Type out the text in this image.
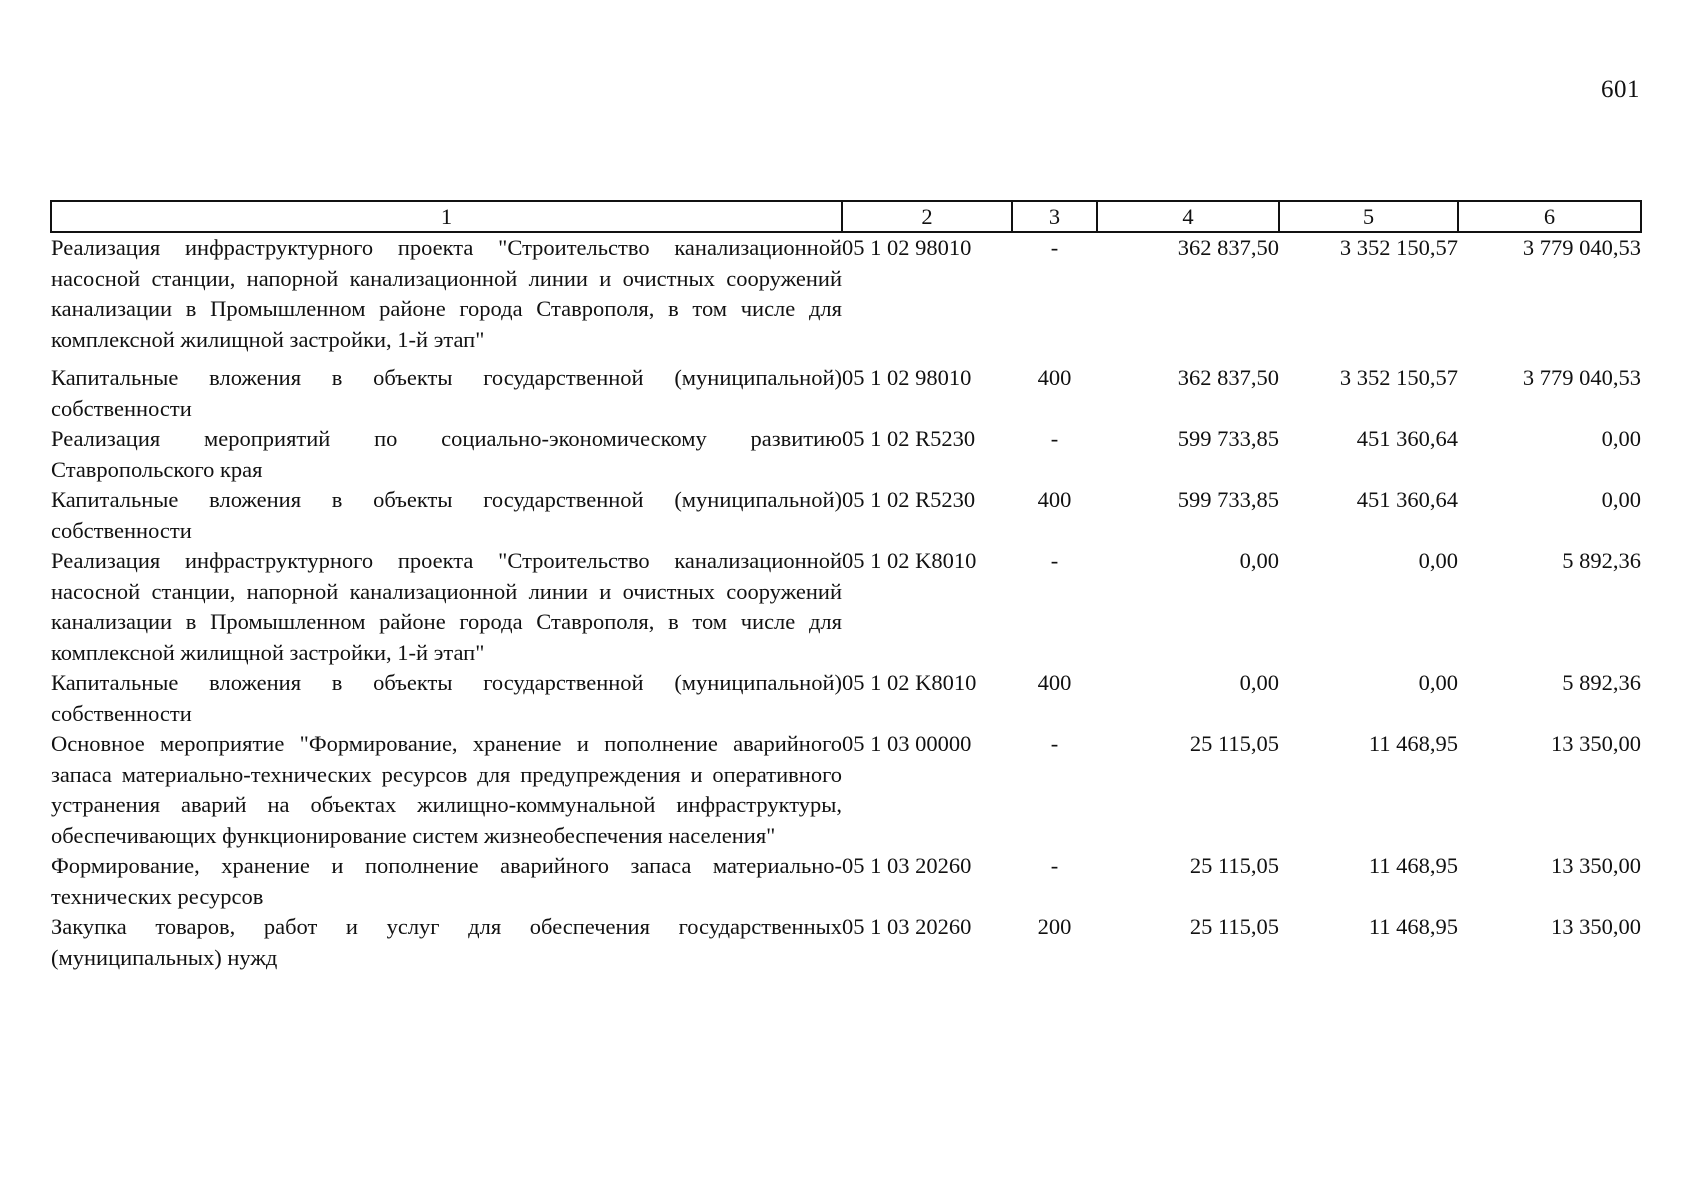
601
1	2	3	4	5	6
Реализация инфраструктурного проекта "Строительство канализационной насосной станции, напорной канализационной линии и очистных сооружений канализации в Промышленном районе города Ставрополя, в том числе для комплексной жилищной застройки, 1-й этап"	05 1 02 98010	-	362 837,50	3 352 150,57	3 779 040,53
Капитальные вложения в объекты государственной (муниципальной) собственности	05 1 02 98010	400	362 837,50	3 352 150,57	3 779 040,53
Реализация мероприятий по социально-экономическому развитию Ставропольского края	05 1 02 R5230	-	599 733,85	451 360,64	0,00
Капитальные вложения в объекты государственной (муниципальной) собственности	05 1 02 R5230	400	599 733,85	451 360,64	0,00
Реализация инфраструктурного проекта "Строительство канализационной насосной станции, напорной канализационной линии и очистных сооружений канализации в Промышленном районе города Ставрополя, в том числе для комплексной жилищной застройки, 1-й этап"	05 1 02 K8010	-	0,00	0,00	5 892,36
Капитальные вложения в объекты государственной (муниципальной) собственности	05 1 02 K8010	400	0,00	0,00	5 892,36
Основное мероприятие "Формирование, хранение и пополнение аварийного запаса материально-технических ресурсов для предупреждения и оперативного устранения аварий на объектах жилищно-коммунальной инфраструктуры, обеспечивающих функционирование систем жизнеобеспечения населения"	05 1 03 00000	-	25 115,05	11 468,95	13 350,00
Формирование, хранение и пополнение аварийного запаса материально-технических ресурсов	05 1 03 20260	-	25 115,05	11 468,95	13 350,00
Закупка товаров, работ и услуг для обеспечения государственных (муниципальных) нужд	05 1 03 20260	200	25 115,05	11 468,95	13 350,00
